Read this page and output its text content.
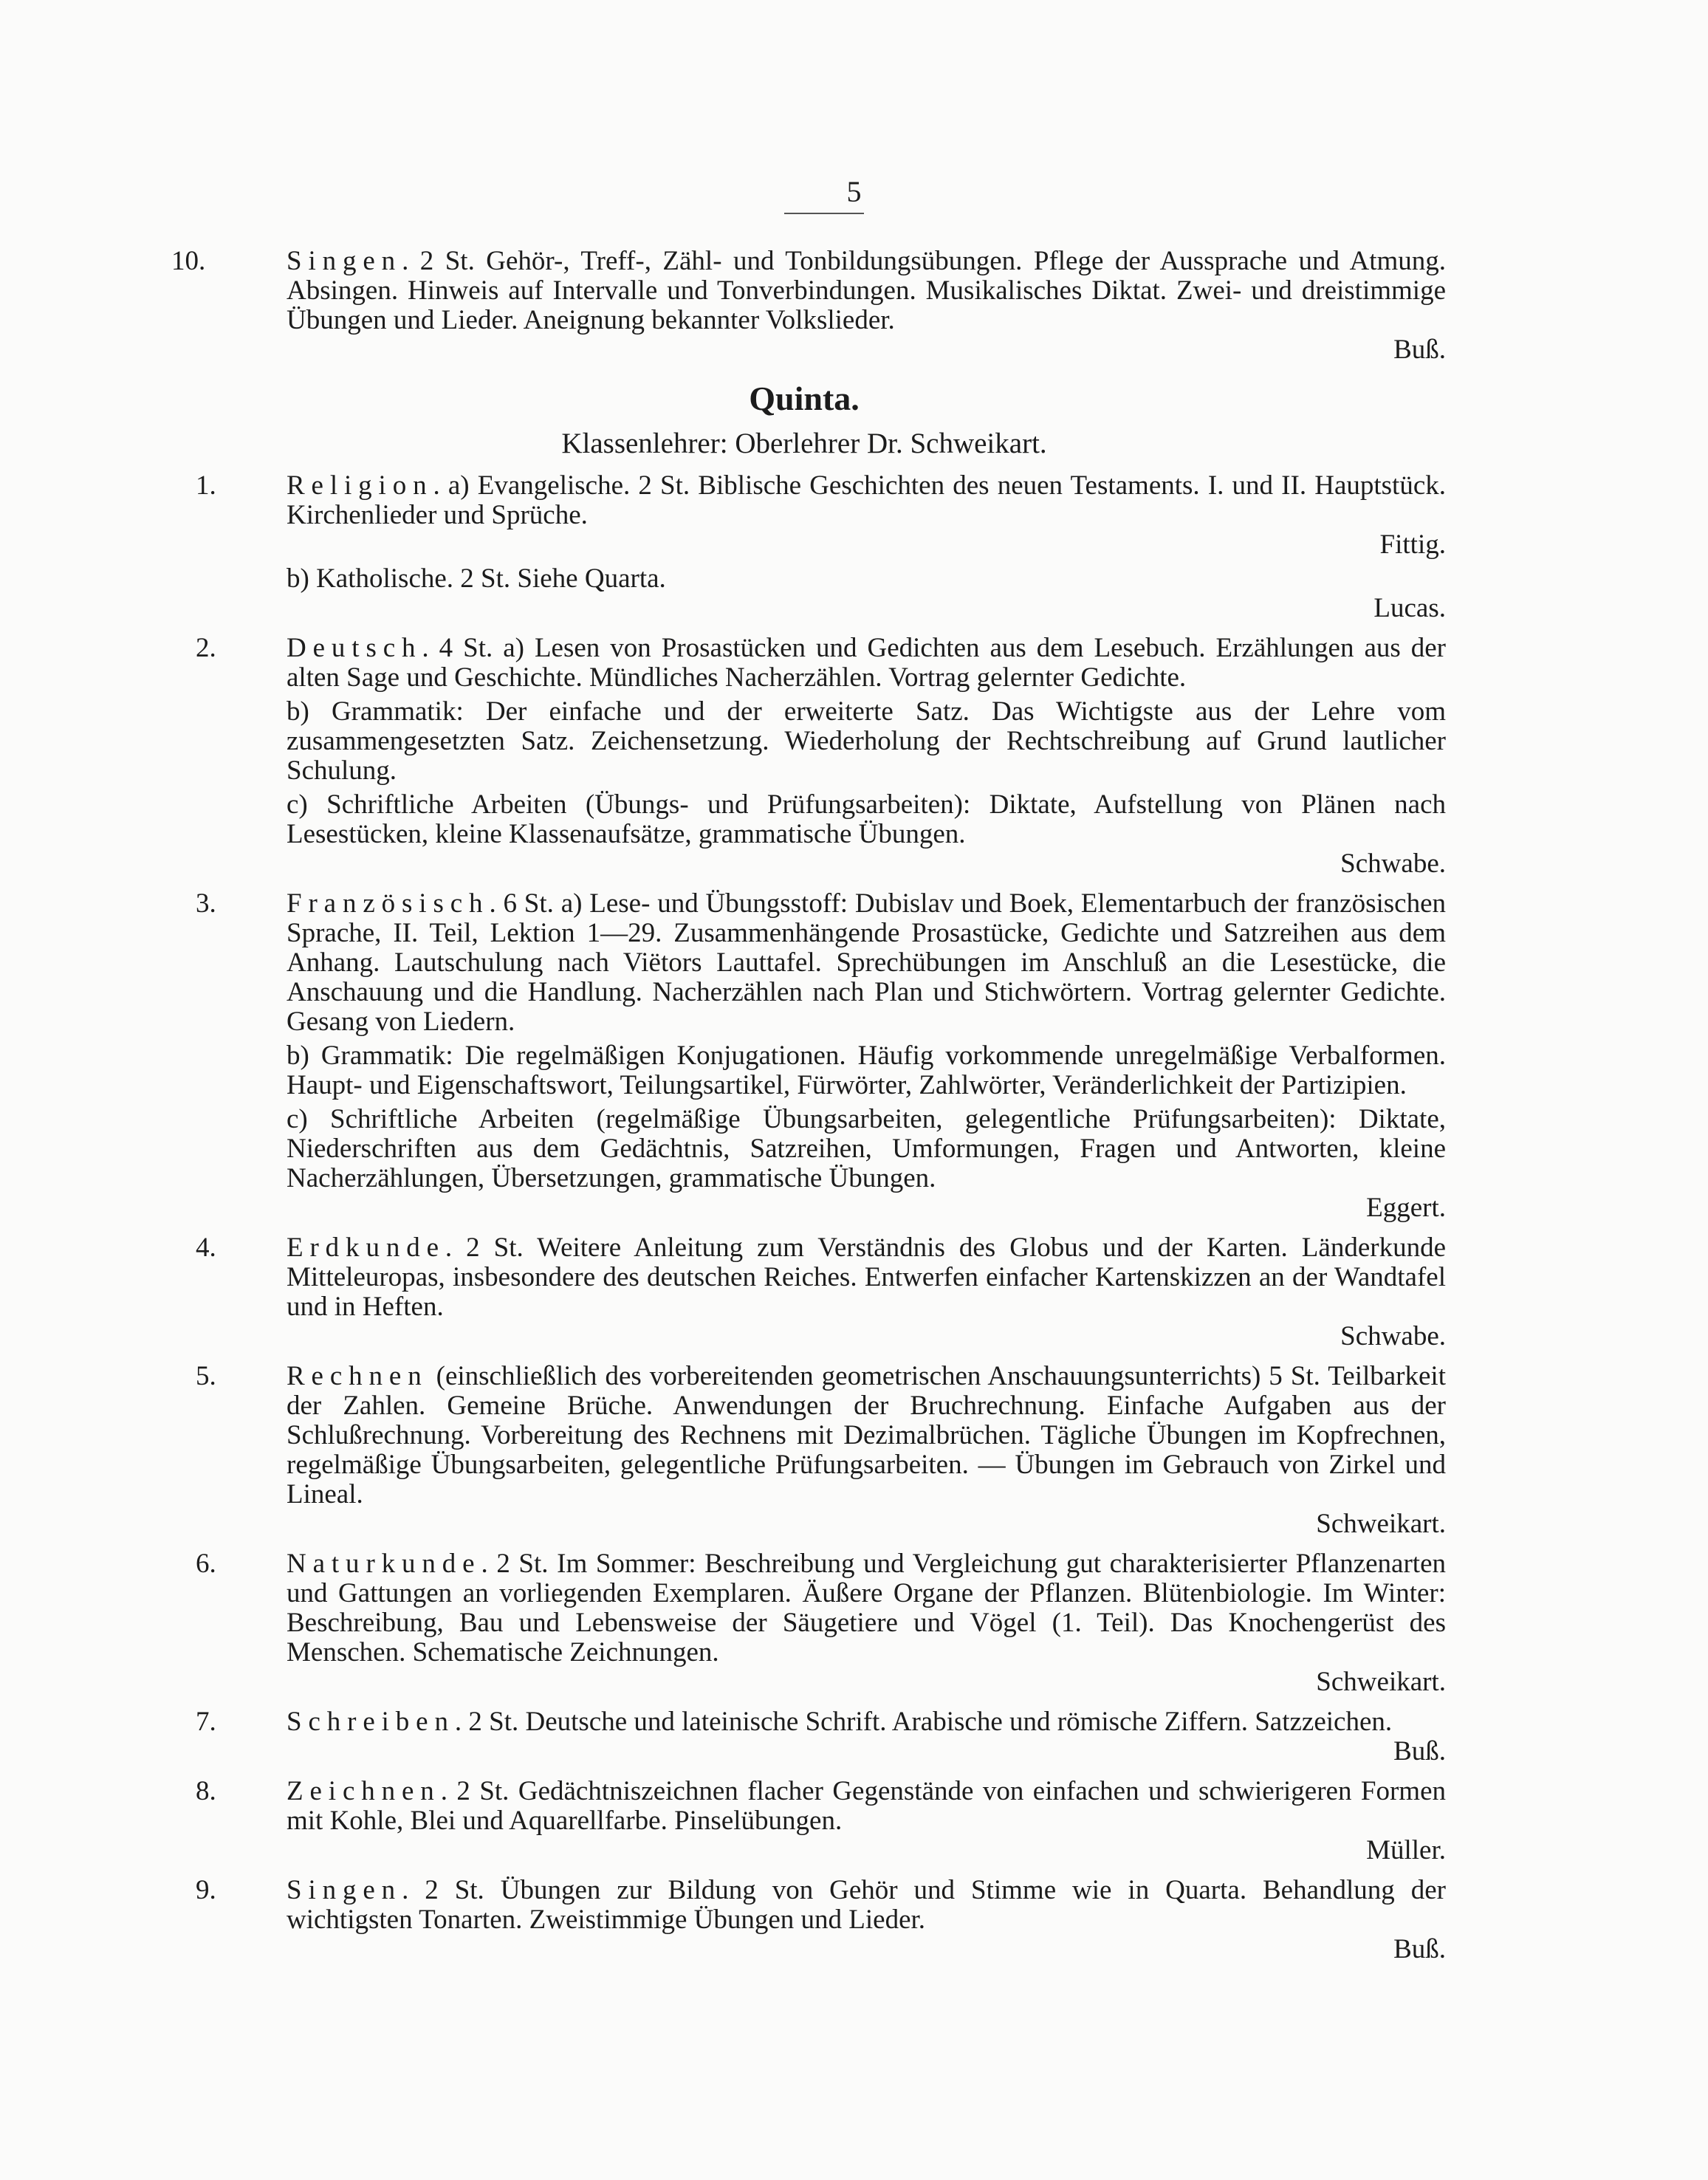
5
10.	Singen. 2 St. Gehör-, Treff-, Zähl- und Tonbildungsübungen. Pflege der Aussprache und Atmung. Absingen. Hinweis auf Intervalle und Tonverbindungen. Musikalisches Diktat. Zwei- und dreistimmige Übungen und Lieder. Aneignung bekannter Volkslieder.
Buß.
Quinta.
Klassenlehrer: Oberlehrer Dr. Schweikart.
1.	Religion. a) Evangelische. 2 St. Biblische Geschichten des neuen Testaments. I. und II. Hauptstück. Kirchenlieder und Sprüche.
Fittig.
b) Katholische. 2 St. Siehe Quarta.
Lucas.
2.	Deutsch. 4 St. a) Lesen von Prosastücken und Gedichten aus dem Lesebuch. Erzählungen aus der alten Sage und Geschichte. Mündliches Nacherzählen. Vortrag gelernter Gedichte.
b) Grammatik: Der einfache und der erweiterte Satz. Das Wichtigste aus der Lehre vom zusammengesetzten Satz. Zeichensetzung. Wiederholung der Rechtschreibung auf Grund lautlicher Schulung.
c) Schriftliche Arbeiten (Übungs- und Prüfungsarbeiten): Diktate, Aufstellung von Plänen nach Lesestücken, kleine Klassenaufsätze, grammatische Übungen.
Schwabe.
3.	Französisch. 6 St. a) Lese- und Übungsstoff: Dubislav und Boek, Elementarbuch der französischen Sprache, II. Teil, Lektion 1—29. Zusammenhängende Prosastücke, Gedichte und Satzreihen aus dem Anhang. Lautschulung nach Viëtors Lauttafel. Sprechübungen im Anschluß an die Lesestücke, die Anschauung und die Handlung. Nacherzählen nach Plan und Stichwörtern. Vortrag gelernter Gedichte. Gesang von Liedern.
b) Grammatik: Die regelmäßigen Konjugationen. Häufig vorkommende unregelmäßige Verbalformen. Haupt- und Eigenschaftswort, Teilungsartikel, Fürwörter, Zahlwörter, Veränderlichkeit der Partizipien.
c) Schriftliche Arbeiten (regelmäßige Übungsarbeiten, gelegentliche Prüfungsarbeiten): Diktate, Niederschriften aus dem Gedächtnis, Satzreihen, Umformungen, Fragen und Antworten, kleine Nacherzählungen, Übersetzungen, grammatische Übungen.
Eggert.
4.	Erdkunde. 2 St. Weitere Anleitung zum Verständnis des Globus und der Karten. Länderkunde Mitteleuropas, insbesondere des deutschen Reiches. Entwerfen einfacher Kartenskizzen an der Wandtafel und in Heften.
Schwabe.
5.	Rechnen (einschließlich des vorbereitenden geometrischen Anschauungsunterrichts) 5 St. Teilbarkeit der Zahlen. Gemeine Brüche. Anwendungen der Bruchrechnung. Einfache Aufgaben aus der Schlußrechnung. Vorbereitung des Rechnens mit Dezimalbrüchen. Tägliche Übungen im Kopfrechnen, regelmäßige Übungsarbeiten, gelegentliche Prüfungsarbeiten. — Übungen im Gebrauch von Zirkel und Lineal.
Schweikart.
6.	Naturkunde. 2 St. Im Sommer: Beschreibung und Vergleichung gut charakterisierter Pflanzenarten und Gattungen an vorliegenden Exemplaren. Äußere Organe der Pflanzen. Blütenbiologie. Im Winter: Beschreibung, Bau und Lebensweise der Säugetiere und Vögel (1. Teil). Das Knochengerüst des Menschen. Schematische Zeichnungen.
Schweikart.
7.	Schreiben. 2 St. Deutsche und lateinische Schrift. Arabische und römische Ziffern. Satzzeichen.
Buß.
8.	Zeichnen. 2 St. Gedächtniszeichnen flacher Gegenstände von einfachen und schwierigeren Formen mit Kohle, Blei und Aquarellfarbe. Pinselübungen.
Müller.
9.	Singen. 2 St. Übungen zur Bildung von Gehör und Stimme wie in Quarta. Behandlung der wichtigsten Tonarten. Zweistimmige Übungen und Lieder.
Buß.
